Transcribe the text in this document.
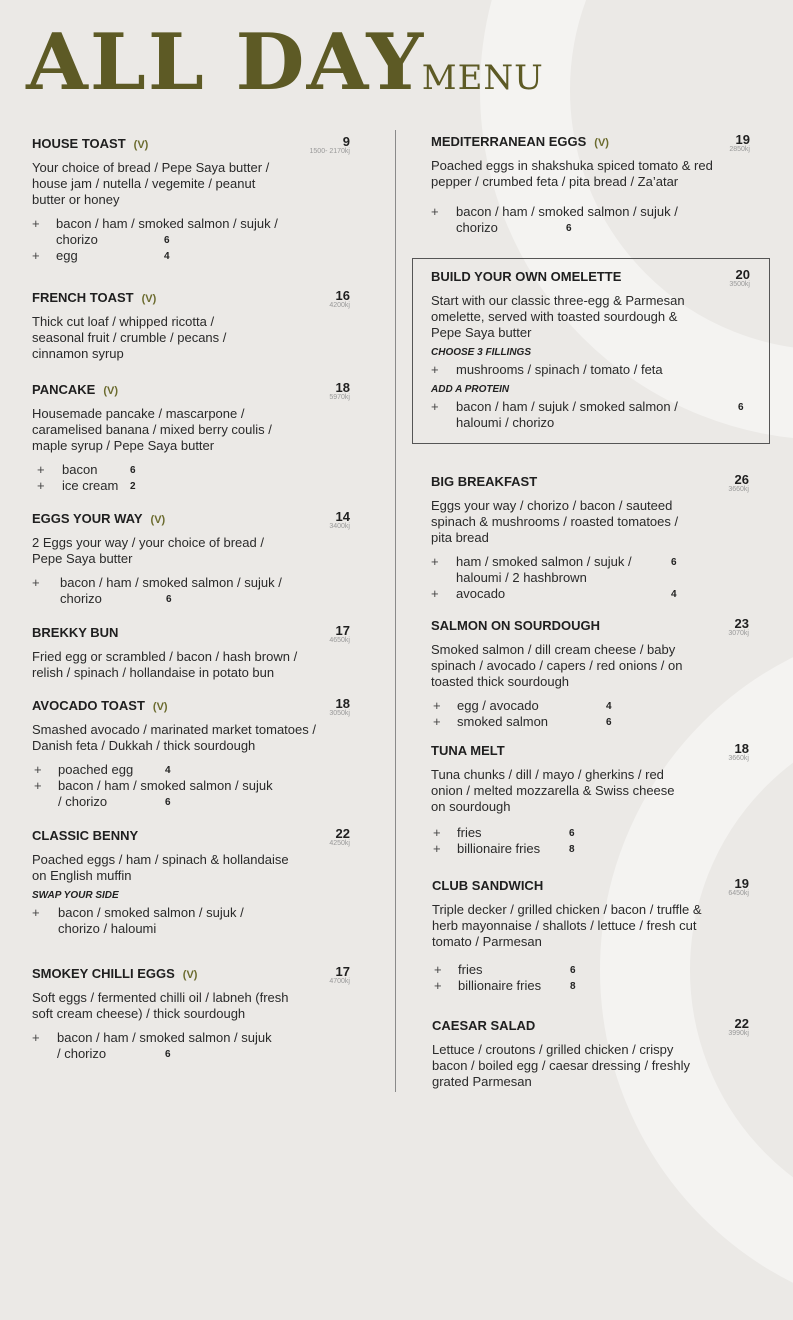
ALL DAY MENU
HOUSE TOAST (V)	9
1500- 2170kj
Your choice of bread / Pepe Saya butter / house jam / nutella / vegemite / peanut butter or honey
+ bacon / ham / smoked salmon / sujuk / chorizo	6
+ egg	4
FRENCH TOAST (V)	16
4200kj
Thick cut loaf / whipped ricotta / seasonal fruit / crumble / pecans / cinnamon syrup
PANCAKE (V)	18
5970kj
Housemade pancake / mascarpone / caramelised banana / mixed berry coulis / maple syrup / Pepe Saya butter
+ bacon	6
+ ice cream 2
EGGS YOUR WAY (V)	14
3400kj
2 Eggs your way / your choice of bread / Pepe Saya butter
+ bacon / ham / smoked salmon / sujuk / chorizo	6
BREKKY BUN	17
4650kj
Fried egg or scrambled / bacon / hash brown / relish / spinach / hollandaise in potato bun
AVOCADO TOAST (V)	18
3050kj
Smashed avocado / marinated market tomatoes / Danish feta / Dukkah / thick sourdough
+ poached egg	4
+ bacon / ham / smoked salmon / sujuk / chorizo	6
CLASSIC BENNY	22
4250kj
Poached eggs / ham / spinach & hollandaise on English muffin
SWAP YOUR SIDE
+ bacon / smoked salmon / sujuk / chorizo / haloumi
SMOKEY CHILLI EGGS (V)	17
4700kj
Soft eggs / fermented chilli oil / labneh (fresh soft cream cheese) / thick sourdough
+ bacon / ham / smoked salmon / sujuk / chorizo	6
MEDITERRANEAN EGGS (V)	19
2850kj
Poached eggs in shakshuka spiced tomato & red pepper / crumbed feta / pita bread / Za’atar
+ bacon / ham / smoked salmon / sujuk / chorizo	6
BUILD YOUR OWN OMELETTE	20
3500kj
Start with our classic three-egg & Parmesan omelette, served with toasted sourdough & Pepe Saya butter
CHOOSE 3 FILLINGS
+ mushrooms / spinach / tomato / feta
ADD A PROTEIN
+ bacon / ham / sujuk / smoked salmon / haloumi / chorizo
6
BIG BREAKFAST	26
3660kj
Eggs your way / chorizo / bacon / sauteed spinach & mushrooms / roasted tomatoes / pita bread
+ ham / smoked salmon / sujuk / haloumi / 2 hashbrown
6
+ avocado	4
SALMON ON SOURDOUGH	23
3070kj
Smoked salmon / dill cream cheese / baby spinach / avocado / capers / red onions / on toasted thick sourdough
+ egg / avocado	4
+ smoked salmon	6
TUNA MELT	18
3660kj
Tuna chunks / dill / mayo / gherkins / red onion / melted mozzarella & Swiss cheese on sourdough
+ fries	6
+ billionaire fries	8
CLUB SANDWICH	19
6450kj
Triple decker / grilled chicken / bacon / truffle & herb mayonnaise / shallots / lettuce / fresh cut tomato / Parmesan
+ fries	6
+ billionaire fries	8
CAESAR SALAD	22
3990kj
Lettuce / croutons / grilled chicken / crispy bacon / boiled egg / caesar dressing / freshly grated Parmesan
